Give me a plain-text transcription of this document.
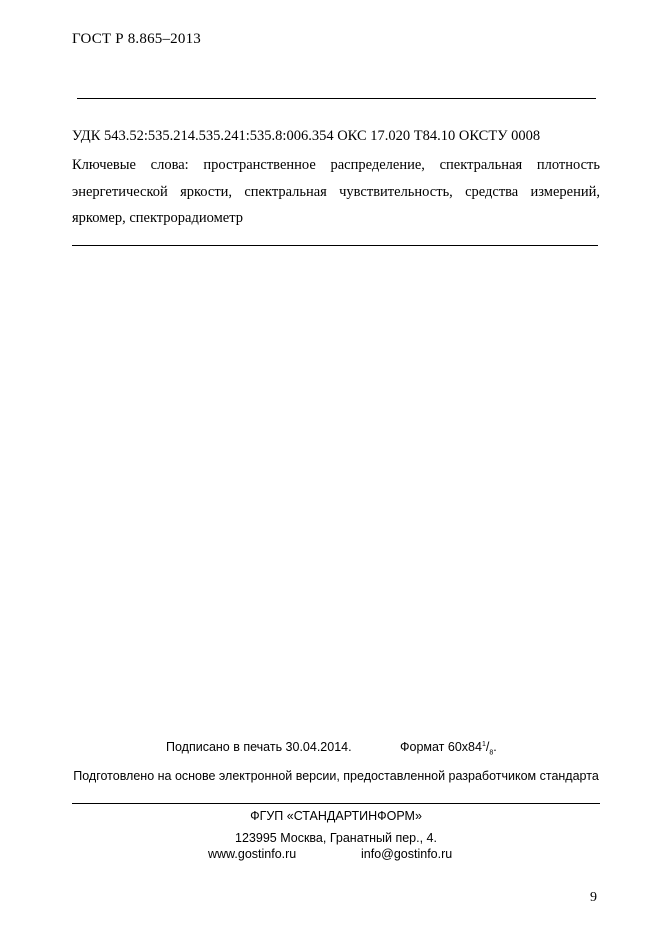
ГОСТ Р 8.865–2013
УДК 543.52:535.214.535.241:535.8:006.354 ОКС 17.020 Т84.10 ОКСТУ 0008
Ключевые слова: пространственное распределение, спектральная плотность
энергетической яркости, спектральная чувствительность, средства измерений,
яркомер, спектрорадиометр
Подписано в печать 30.04.2014.	Формат $60х84^1/_8$.
Подготовлено на основе электронной версии, предоставленной разработчиком стандарта
ФГУП «СТАНДАРТИНФОРМ»
123995 Москва, Гранатный пер., 4.
www.gostinfo.ru	info@gostinfo.ru
9
